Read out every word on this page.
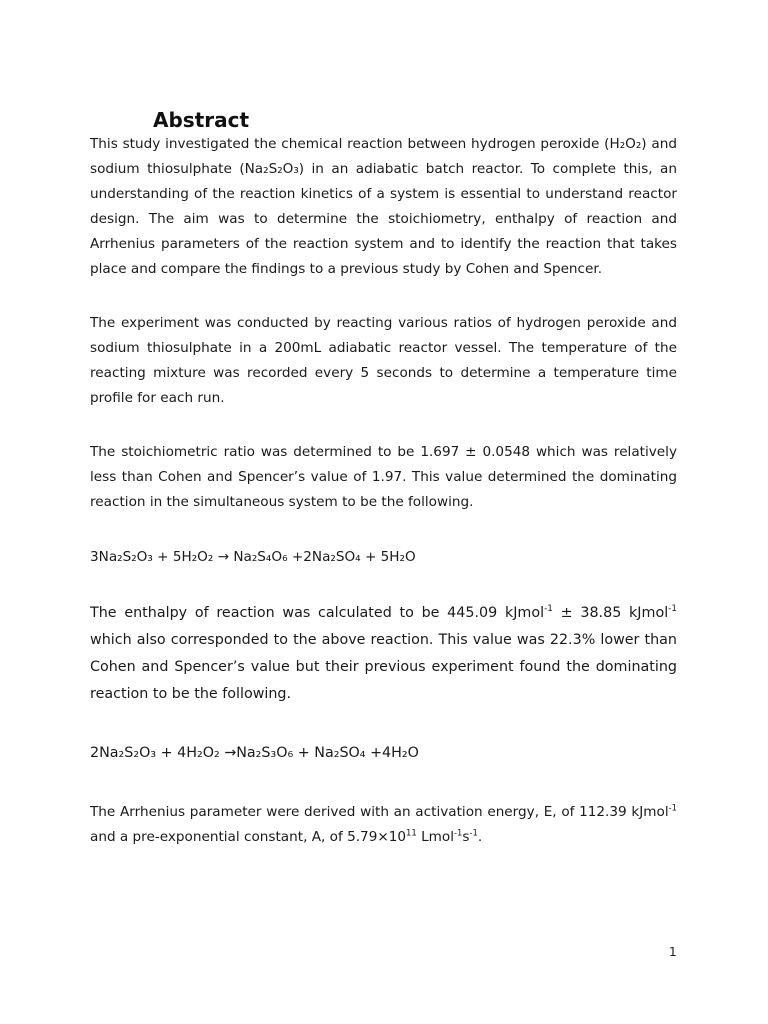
Abstract

This study investigated the chemical reaction between hydrogen peroxide (H₂O₂) and sodium thiosulphate (Na₂S₂O₃) in an adiabatic batch reactor. To complete this, an understanding of the reaction kinetics of a system is essential to understand reactor design. The aim was to determine the stoichiometry, enthalpy of reaction and Arrhenius parameters of the reaction system and to identify the reaction that takes place and compare the findings to a previous study by Cohen and Spencer.

The experiment was conducted by reacting various ratios of hydrogen peroxide and sodium thiosulphate in a 200mL adiabatic reactor vessel. The temperature of the reacting mixture was recorded every 5 seconds to determine a temperature time profile for each run.

The stoichiometric ratio was determined to be 1.697 ± 0.0548 which was relatively less than Cohen and Spencer’s value of 1.97. This value determined the dominating reaction in the simultaneous system to be the following.

3Na₂S₂O₃ + 5H₂O₂ → Na₂S₄O₆ +2Na₂SO₄ + 5H₂O

The enthalpy of reaction was calculated to be 445.09 kJmol$^{-1}$ ± 38.85 kJmol$^{-1}$ which also corresponded to the above reaction. This value was 22.3% lower than Cohen and Spencer’s value but their previous experiment found the dominating reaction to be the following.

2Na₂S₂O₃ + 4H₂O₂ →Na₂S₃O₆ + Na₂SO₄ +4H₂O

The Arrhenius parameter were derived with an activation energy, E, of 112.39 kJmol$^{-1}$ and a pre-exponential constant, A, of $5.79\times 10^{11}$ $Lmol^{-1}s^{-1}$.

1
